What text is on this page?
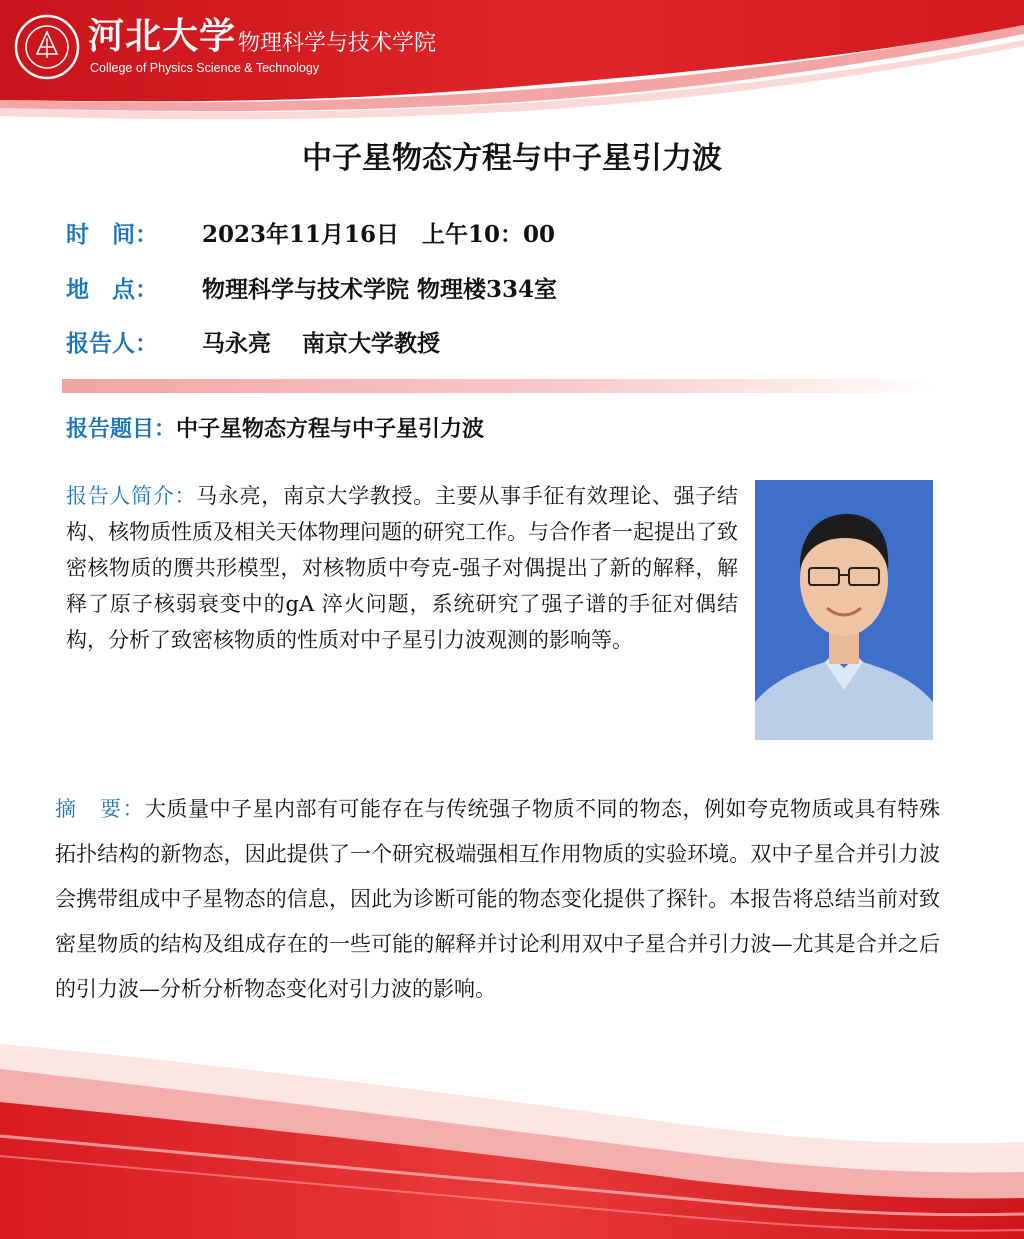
河北大学 物理科学与技术学院
College of Physics Science & Technology
中子星物态方程与中子星引力波
时　间： 2023年11月16日　上午10：00
地　点： 物理科学与技术学院 物理楼334室
报告人： 马永亮　 南京大学教授
报告题目：中子星物态方程与中子星引力波
报告人简介：马永亮，南京大学教授。主要从事手征有效理论、强子结构、核物质性质及相关天体物理问题的研究工作。与合作者一起提出了致密核物质的赝共形模型，对核物质中夸克-强子对偶提出了新的解释，解释了原子核弱衰变中的gA 淬火问题，系统研究了强子谱的手征对偶结构，分析了致密核物质的性质对中子星引力波观测的影响等。
摘　要：大质量中子星内部有可能存在与传统强子物质不同的物态，例如夸克物质或具有特殊拓扑结构的新物态，因此提供了一个研究极端强相互作用物质的实验环境。双中子星合并引力波会携带组成中子星物态的信息，因此为诊断可能的物态变化提供了探针。本报告将总结当前对致密星物质的结构及组成存在的一些可能的解释并讨论利用双中子星合并引力波—尤其是合并之后的引力波—分析分析物态变化对引力波的影响。
